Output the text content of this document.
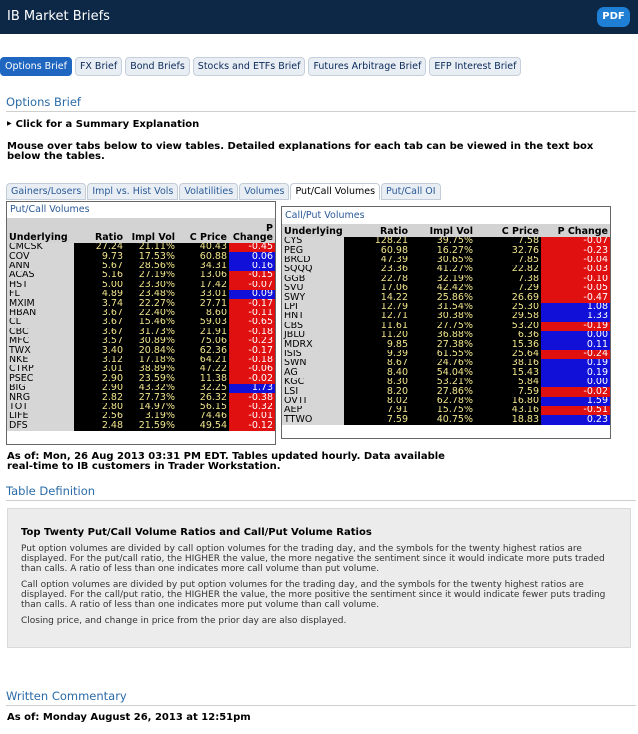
IB Market Briefs	PDF
Options Brief FX Brief Bond Briefs Stocks and ETFs Brief Futures Arbitrage Brief EFP Interest Brief
Options Brief
▶ Click for a Summary Explanation
Mouse over tabs below to view tables. Detailed explanations for each tab can be viewed in the text box below the tables.
Gainers/Losers Impl vs. Hist Vols Volatilities Volumes Put/Call Volumes Put/Call OI
Put/Call Volumes
Underlying	Ratio	Impl Vol	C Price	P Change
CMCSK	27.24	21.11%	40.43	-0.45
COV	9.73	17.53%	60.88	0.06
ANN	5.67	28.56%	34.31	0.16
ACAS	5.16	27.19%	13.06	-0.15
HST	5.00	23.30%	17.42	-0.07
FL	4.89	23.48%	33.01	0.09
MXIM	3.74	22.27%	27.71	-0.17
HBAN	3.67	22.40%	8.60	-0.11
CL	3.67	15.46%	59.03	-0.65
CBC	3.67	31.73%	21.91	-0.18
MFC	3.57	30.89%	75.06	-0.23
TWX	3.40	20.84%	62.36	-0.17
NKE	3.12	17.18%	64.21	-0.18
CTRP	3.01	38.89%	47.22	-0.06
PSEC	2.90	23.59%	11.38	-0.02
BIG	2.90	43.32%	32.25	1.73
NRG	2.82	27.73%	26.32	-0.38
TOT	2.80	14.97%	56.15	-0.32
LIFE	2.56	3.19%	74.46	-0.01
DFS	2.48	21.59%	49.54	-0.12
Call/Put Volumes
Underlying	Ratio	Impl Vol	C Price	P Change
CYS	128.21	39.75%	7.58	-0.07
PEG	60.98	16.27%	32.76	-0.23
BRCD	47.39	30.65%	7.85	-0.04
SQQQ	23.36	41.27%	22.82	-0.03
GGB	22.78	32.19%	7.38	-0.10
SVU	17.06	42.42%	7.29	-0.05
SWY	14.22	25.86%	26.69	-0.47
LPI	12.79	31.54%	25.30	1.08
HNT	12.71	30.38%	29.58	1.33
CBS	11.61	27.75%	53.20	-0.19
JBLU	11.20	36.88%	6.36	0.00
MDRX	9.85	27.38%	15.36	0.11
ISIS	9.39	61.55%	25.64	-0.24
SWN	8.67	24.76%	38.16	0.19
AG	8.40	54.04%	15.43	0.19
KGC	8.30	53.21%	5.84	0.00
LSI	8.20	27.86%	7.59	-0.02
OVTI	8.02	62.78%	16.80	1.59
AEP	7.91	15.75%	43.16	-0.51
TTWO	7.59	40.75%	18.83	0.23
As of: Mon, 26 Aug 2013 03:31 PM EDT. Tables updated hourly. Data available real-time to IB customers in Trader Workstation.
Table Definition
Top Twenty Put/Call Volume Ratios and Call/Put Volume Ratios

Put option volumes are divided by call option volumes for the trading day, and the symbols for the twenty highest ratios are displayed. For the put/call ratio, the HIGHER the value, the more negative the sentiment since it would indicate more puts traded than calls. A ratio of less than one indicates more call volume than put volume.

Call option volumes are divided by put option volumes for the trading day, and the symbols for the twenty highest ratios are displayed. For the call/put ratio, the HIGHER the value, the more positive the sentiment since it would indicate fewer puts trading than calls. A ratio of less than one indicates more put volume than call volume.

Closing price, and change in price from the prior day are also displayed.

Written Commentary
As of: Monday August 26, 2013 at 12:51pm
